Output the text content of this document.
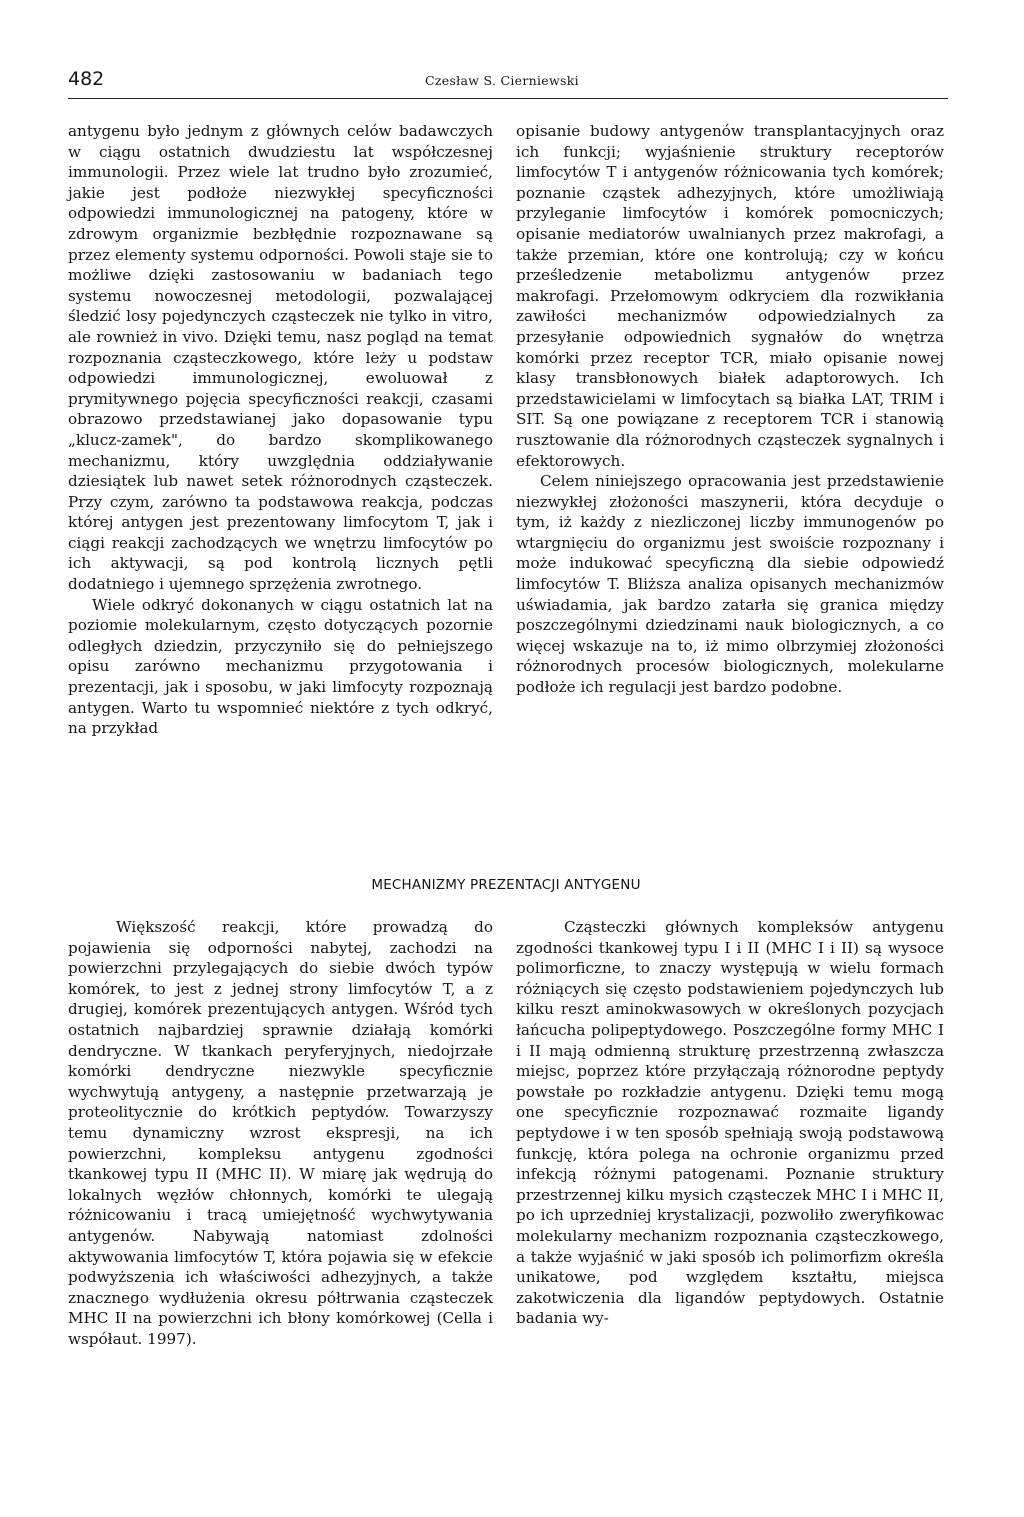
482	Czesław S. Cierniewski

antygenu było jednym z głównych celów badawczych w ciągu ostatnich dwudziestu lat współczesnej immunologii. Przez wiele lat trudno było zrozumieć, jakie jest podłoże niezwykłej specyficzności odpowiedzi immunologicznej na patogeny, które w zdrowym organizmie bezbłędnie rozpoznawane są przez elementy systemu odporności. Powoli staje sie to możliwe dzięki zastosowaniu w badaniach tego systemu nowoczesnej metodologii, pozwalającej śledzić losy pojedynczych cząsteczek nie tylko in vitro, ale rownież in vivo. Dzięki temu, nasz pogląd na temat rozpoznania cząsteczkowego, które leży u podstaw odpowiedzi immunologicznej, ewoluował z prymitywnego pojęcia specyficzności reakcji, czasami obrazowo przedstawianej jako dopasowanie typu „klucz-zamek", do bardzo skomplikowanego mechanizmu, który uwzględnia oddziaływanie dziesiątek lub nawet setek różnorodnych cząsteczek. Przy czym, zarówno ta podstawowa reakcja, podczas której antygen jest prezentowany limfocytom T, jak i ciągi reakcji zachodzących we wnętrzu limfocytów po ich aktywacji, są pod kontrolą licznych pętli dodatniego i ujemnego sprzężenia zwrotnego.

Wiele odkryć dokonanych w ciągu ostatnich lat na poziomie molekularnym, często dotyczących pozornie odległych dziedzin, przyczyniło się do pełniejszego opisu zarówno mechanizmu przygotowania i prezentacji, jak i sposobu, w jaki limfocyty rozpoznają antygen. Warto tu wspomnieć niektóre z tych odkryć, na przykład

opisanie budowy antygenów transplantacyjnych oraz ich funkcji; wyjaśnienie struktury receptorów limfocytów T i antygenów różnicowania tych komórek; poznanie cząstek adhezyjnych, które umożliwiają przyleganie limfocytów i komórek pomocniczych; opisanie mediatorów uwalnianych przez makrofagi, a także przemian, które one kontrolują; czy w końcu prześledzenie metabolizmu antygenów przez makrofagi. Przełomowym odkryciem dla rozwikłania zawiłości mechanizmów odpowiedzialnych za przesyłanie odpowiednich sygnałów do wnętrza komórki przez receptor TCR, miało opisanie nowej klasy transbłonowych białek adaptorowych. Ich przedstawicielami w limfocytach są białka LAT, TRIM i SIT. Są one powiązane z receptorem TCR i stanowią rusztowanie dla różnorodnych cząsteczek sygnalnych i efektorowych.

Celem niniejszego opracowania jest przedstawienie niezwykłej złożoności maszynerii, która decyduje o tym, iż każdy z niezliczonej liczby immunogenów po wtargnięciu do organizmu jest swoiście rozpoznany i może indukować specyficzną dla siebie odpowiedź limfocytów T. Bliższa analiza opisanych mechanizmów uświadamia, jak bardzo zatarła się granica między poszczególnymi dziedzinami nauk biologicznych, a co więcej wskazuje na to, iż mimo olbrzymiej złożoności różnorodnych procesów biologicznych, molekularne podłoże ich regulacji jest bardzo podobne.

MECHANIZMY PREZENTACJI ANTYGENU

Większość reakcji, które prowadzą do pojawienia się odporności nabytej, zachodzi na powierzchni przylegających do siebie dwóch typów komórek, to jest z jednej strony limfocytów T, a z drugiej, komórek prezentujących antygen. Wśród tych ostatnich najbardziej sprawnie działają komórki dendryczne. W tkankach peryferyjnych, niedojrzałe komórki dendryczne niezwykle specyficznie wychwytują antygeny, a następnie przetwarzają je proteolitycznie do krótkich peptydów. Towarzyszy temu dynamiczny wzrost ekspresji, na ich powierzchni, kompleksu antygenu zgodności tkankowej typu II (MHC II). W miarę jak wędrują do lokalnych węzłów chłonnych, komórki te ulegają różnicowaniu i tracą umiejętność wychwytywania antygenów. Nabywają natomiast zdolności aktywowania limfocytów T, która pojawia się w efekcie podwyższenia ich właściwości adhezyjnych, a także znacznego wydłużenia okresu półtrwania cząsteczek MHC II na powierzchni ich błony komórkowej (Cella i współaut. 1997).

Cząsteczki głównych kompleksów antygenu zgodności tkankowej typu I i II (MHC I i II) są wysoce polimorficzne, to znaczy występują w wielu formach różniących się często podstawieniem pojedynczych lub kilku reszt aminokwasowych w określonych pozycjach łańcucha polipeptydowego. Poszczególne formy MHC I i II mają odmienną strukturę przestrzenną zwłaszcza miejsc, poprzez które przyłączają różnorodne peptydy powstałe po rozkładzie antygenu. Dzięki temu mogą one specyficznie rozpoznawać rozmaite ligandy peptydowe i w ten sposób spełniają swoją podstawową funkcję, która polega na ochronie organizmu przed infekcją różnymi patogenami. Poznanie struktury przestrzennej kilku mysich cząsteczek MHC I i MHC II, po ich uprzedniej krystalizacji, pozwoliło zweryfikowac molekularny mechanizm rozpoznania cząsteczkowego, a także wyjaśnić w jaki sposób ich polimorfizm określa unikatowe, pod względem kształtu, miejsca zakotwiczenia dla ligandów peptydowych. Ostatnie badania wy-
